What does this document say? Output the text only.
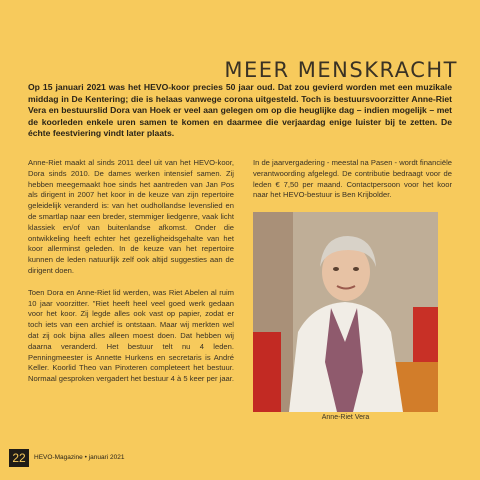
MEER MENSKRACHT
Op 15 januari 2021 was het HEVO-koor precies 50 jaar oud. Dat zou gevierd worden met een muzikale middag in De Kentering; die is helaas vanwege corona uitgesteld. Toch is bestuursvoorzitter Anne-Riet Vera en bestuurslid Dora van Hoek er veel aan gelegen om op die heuglijke dag – indien mogelijk – met de koorleden enkele uren samen te komen en daarmee die verjaardag enige luister bij te zetten. De échte feestviering vindt later plaats.

Anne-Riet maakt al sinds 2011 deel uit van het HEVO-koor, Dora sinds 2010. De dames werken intensief samen. Zij hebben meegemaakt hoe sinds het aantreden van Jan Pos als dirigent in 2007 het koor in de keuze van zijn repertoire geleidelijk veranderd is: van het oudhollandse levenslied en de smartlap naar een breder, stemmiger liedgenre, vaak licht klassiek en/of van buitenlandse afkomst. Onder die ontwikkeling heeft echter het gezelligheidsgehalte van het koor allerminst geleden. In de keuze van het repertoire kunnen de leden natuurlijk zelf ook altijd suggesties aan de dirigent doen.

Toen Dora en Anne-Riet lid werden, was Riet Abelen al ruim 10 jaar voorzitter. "Riet heeft heel veel goed werk gedaan voor het koor. Zij legde alles ook vast op papier, zodat er toch iets van een archief is ontstaan. Maar wij merkten wel dat zij ook bijna alles alleen moest doen. Dat hebben wij daarna veranderd. Het bestuur telt nu 4 leden. Penningmeester is Annette Hurkens en secretaris is André Keller. Koorlid Theo van Pinxteren completeert het bestuur. Normaal gesproken vergadert het bestuur 4 à 5 keer per jaar.

In de jaarvergadering - meestal na Pasen - wordt financiële verantwoording afgelegd. De contributie bedraagt voor de leden € 7,50 per maand. Contactpersoon voor het koor naar het HEVO-bestuur is Ben Krijbolder.

Anne-Riet Vera
22	HEVO-Magazine • januari 2021
